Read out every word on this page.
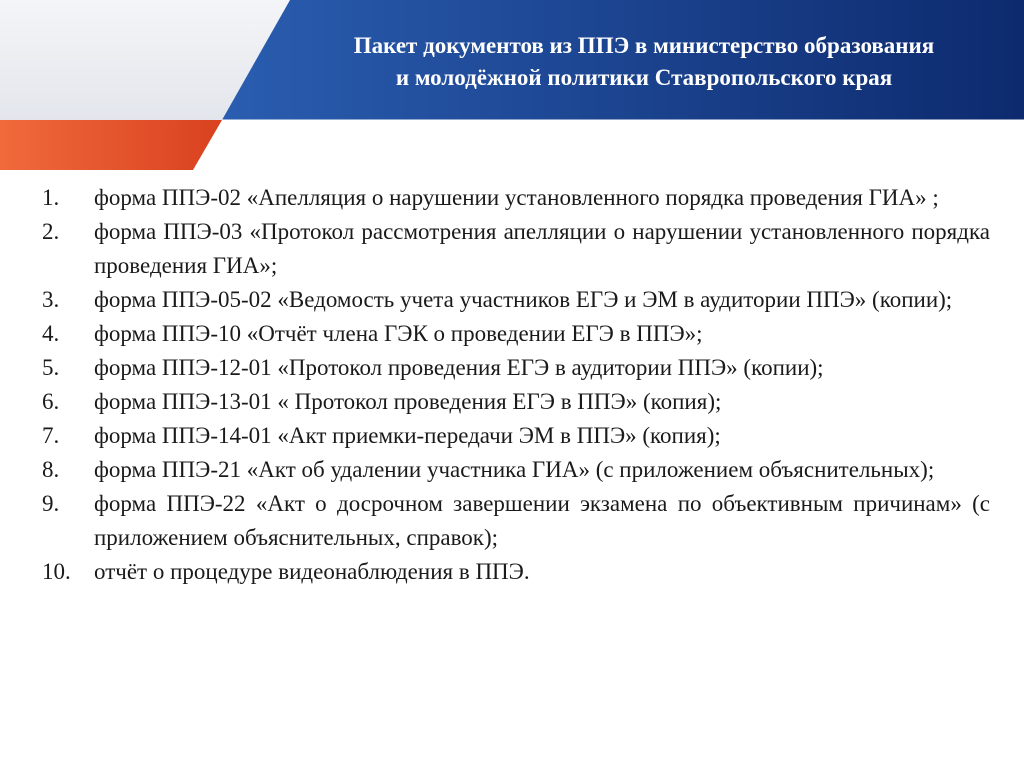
Пакет документов из ППЭ в министерство образования
и молодёжной политики Ставропольского края
1. форма ППЭ-02 «Апелляция о нарушении установленного порядка проведения ГИА» ;
2. форма ППЭ-03 «Протокол рассмотрения апелляции о нарушении установленного порядка проведения ГИА»;
3. форма ППЭ-05-02 «Ведомость учета участников ЕГЭ и ЭМ в аудитории ППЭ» (копии);
4. форма ППЭ-10 «Отчёт члена ГЭК о проведении ЕГЭ в ППЭ»;
5. форма ППЭ-12-01 «Протокол проведения ЕГЭ в аудитории ППЭ» (копии);
6. форма ППЭ-13-01 « Протокол проведения ЕГЭ в ППЭ» (копия);
7. форма ППЭ-14-01 «Акт приемки-передачи ЭМ в ППЭ» (копия);
8. форма ППЭ-21 «Акт об удалении участника ГИА» (с приложением объяснительных);
9. форма ППЭ-22 «Акт о досрочном завершении экзамена по объективным причинам» (с приложением объяснительных, справок);
10. отчёт о процедуре видеонаблюдения в ППЭ.
